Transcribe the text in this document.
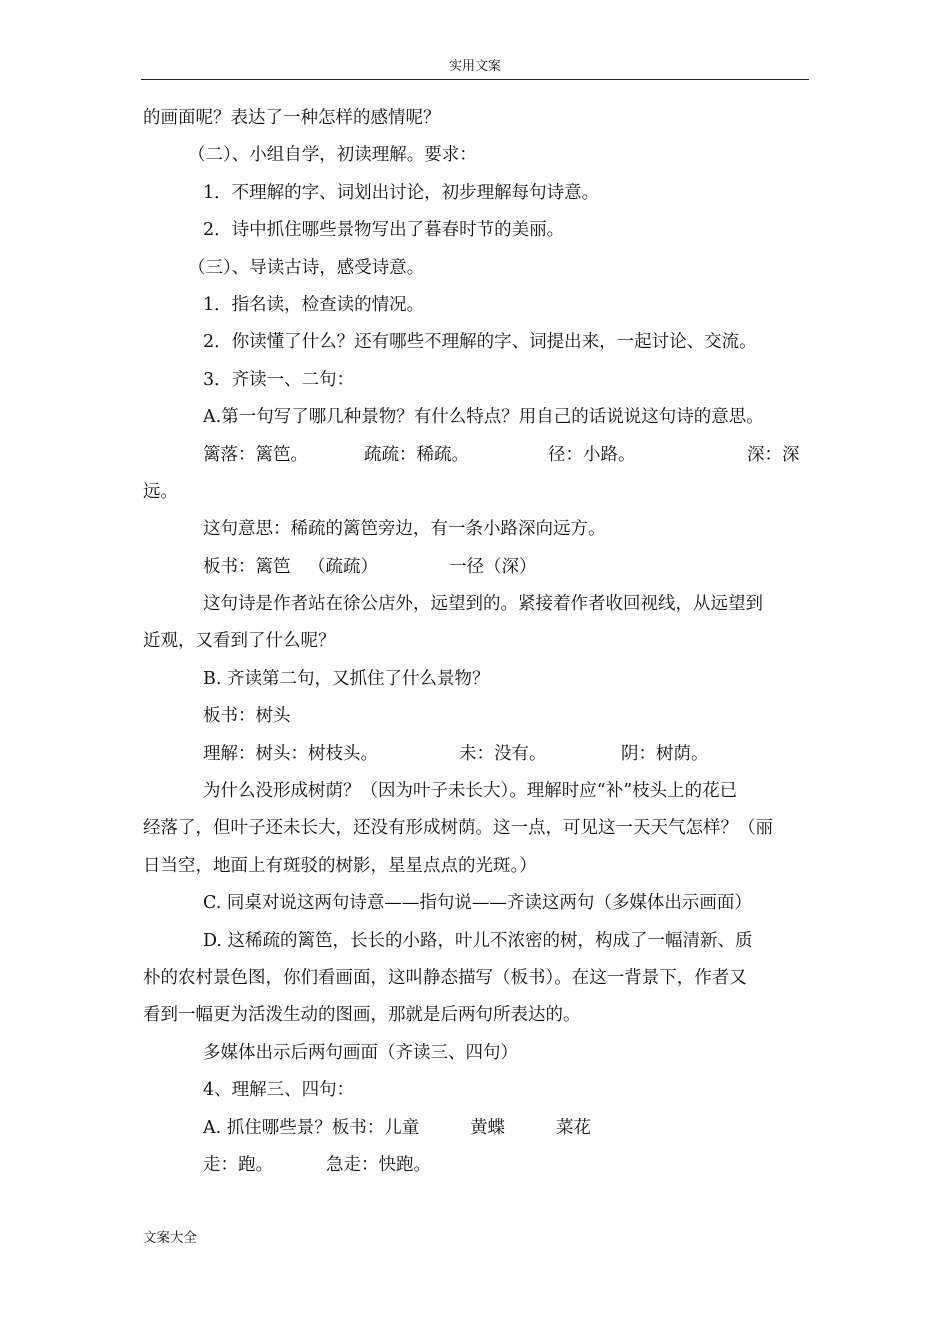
实用文案
的画面呢？表达了一种怎样的感情呢？
（二）、小组自学，初读理解。要求：
1．不理解的字、词划出讨论，初步理解每句诗意。
2．诗中抓住哪些景物写出了暮春时节的美丽。
（三）、导读古诗，感受诗意。
1．指名读，检查读的情况。
2．你读懂了什么？还有哪些不理解的字、词提出来，一起讨论、交流。
3．齐读一、二句：
A.第一句写了哪几种景物？有什么特点？用自己的话说说这句诗的意思。
篱落：篱笆。	疏疏：稀疏。	径：小路。	深：深
远。
这句意思：稀疏的篱笆旁边，有一条小路深向远方。
板书：篱笆 （疏疏）	一径（深）
这句诗是作者站在徐公店外，远望到的。紧接着作者收回视线，从远望到
近观，又看到了什么呢？
B. 齐读第二句，又抓住了什么景物？
板书：树头
理解：树头：树枝头。	未：没有。	阴：树荫。
为什么没形成树荫？（因为叶子未长大）。理解时应“补”枝头上的花已
经落了，但叶子还未长大，还没有形成树荫。这一点，可见这一天天气怎样？（丽
日当空，地面上有斑驳的树影，星星点点的光斑。）
C. 同桌对说这两句诗意——指句说——齐读这两句（多媒体出示画面）
D. 这稀疏的篱笆，长长的小路，叶儿不浓密的树，构成了一幅清新、质
朴的农村景色图，你们看画面，这叫静态描写（板书）。在这一背景下，作者又
看到一幅更为活泼生动的图画，那就是后两句所表达的。
多媒体出示后两句画面（齐读三、四句）
4、理解三、四句：
A. 抓住哪些景？板书：儿童	黄蝶	菜花
走：跑。	急走：快跑。
文案大全
